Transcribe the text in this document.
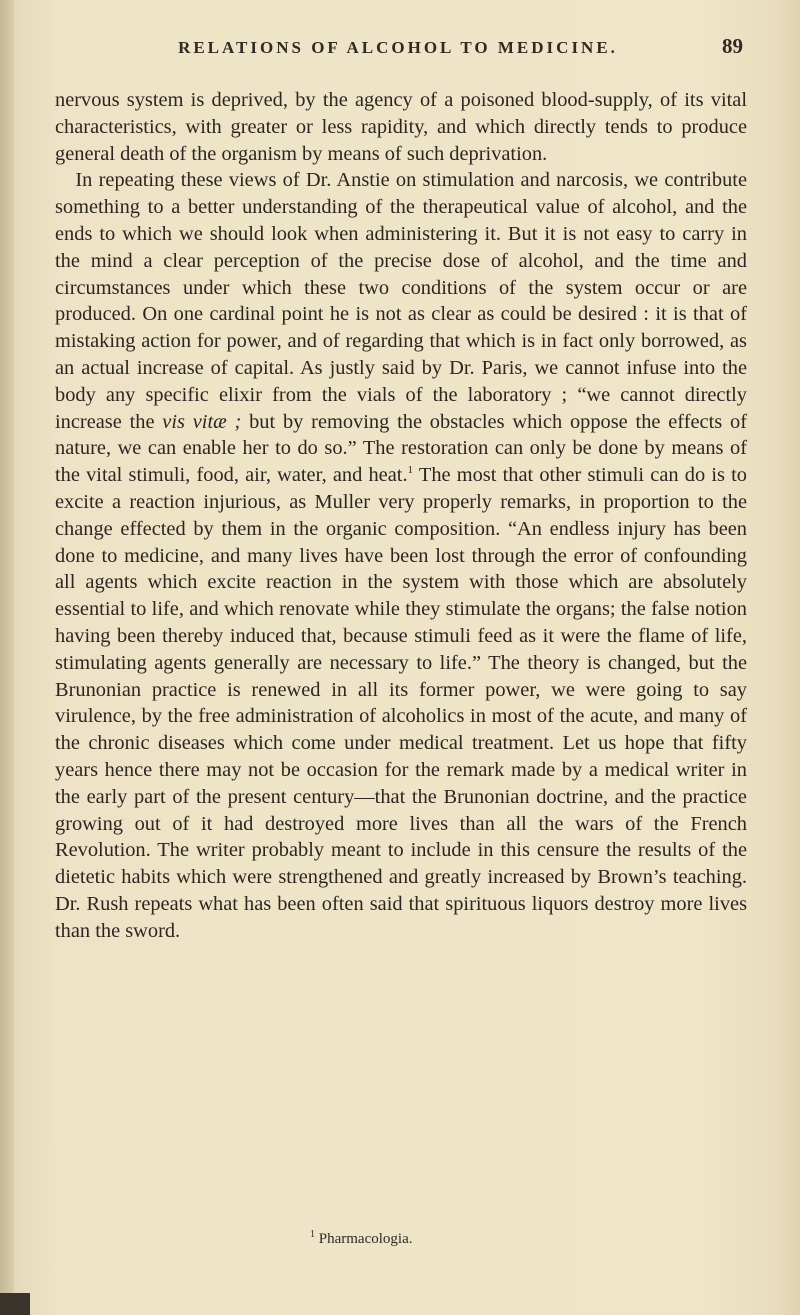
RELATIONS OF ALCOHOL TO MEDICINE.	89

nervous system is deprived, by the agency of a poisoned blood-supply, of its vital characteristics, with greater or less rapidity, and which directly tends to produce general death of the organism by means of such deprivation.

 In repeating these views of Dr. Anstie on stimulation and narcosis, we contribute something to a better understanding of the therapeutical value of alcohol, and the ends to which we should look when administering it. But it is not easy to carry in the mind a clear perception of the precise dose of alcohol, and the time and circumstances under which these two conditions of the system occur or are produced. On one cardinal point he is not as clear as could be desired : it is that of mistaking action for power, and of regarding that which is in fact only borrowed, as an actual increase of capital. As justly said by Dr. Paris, we cannot infuse into the body any specific elixir from the vials of the laboratory ; “we cannot directly increase the vis vitæ ; but by removing the obstacles which oppose the effects of nature, we can enable her to do so.” The restoration can only be done by means of the vital stimuli, food, air, water, and heat.$^1$ The most that other stimuli can do is to excite a reaction injurious, as Muller very properly remarks, in proportion to the change effected by them in the organic composition. “An endless injury has been done to medicine, and many lives have been lost through the error of confounding all agents which excite reaction in the system with those which are absolutely essential to life, and which renovate while they stimulate the organs; the false notion having been thereby induced that, because stimuli feed as it were the flame of life, stimulating agents generally are necessary to life.” The theory is changed, but the Brunonian practice is renewed in all its former power, we were going to say virulence, by the free administration of alcoholics in most of the acute, and many of the chronic diseases which come under medical treatment. Let us hope that fifty years hence there may not be occasion for the remark made by a medical writer in the early part of the present century—that the Brunonian doctrine, and the practice growing out of it had destroyed more lives than all the wars of the French Revolution. The writer probably meant to include in this censure the results of the dietetic habits which were strengthened and greatly increased by Brown’s teaching. Dr. Rush repeats what has been often said that spirituous liquors destroy more lives than the sword.

$^1$ Pharmacologia.
